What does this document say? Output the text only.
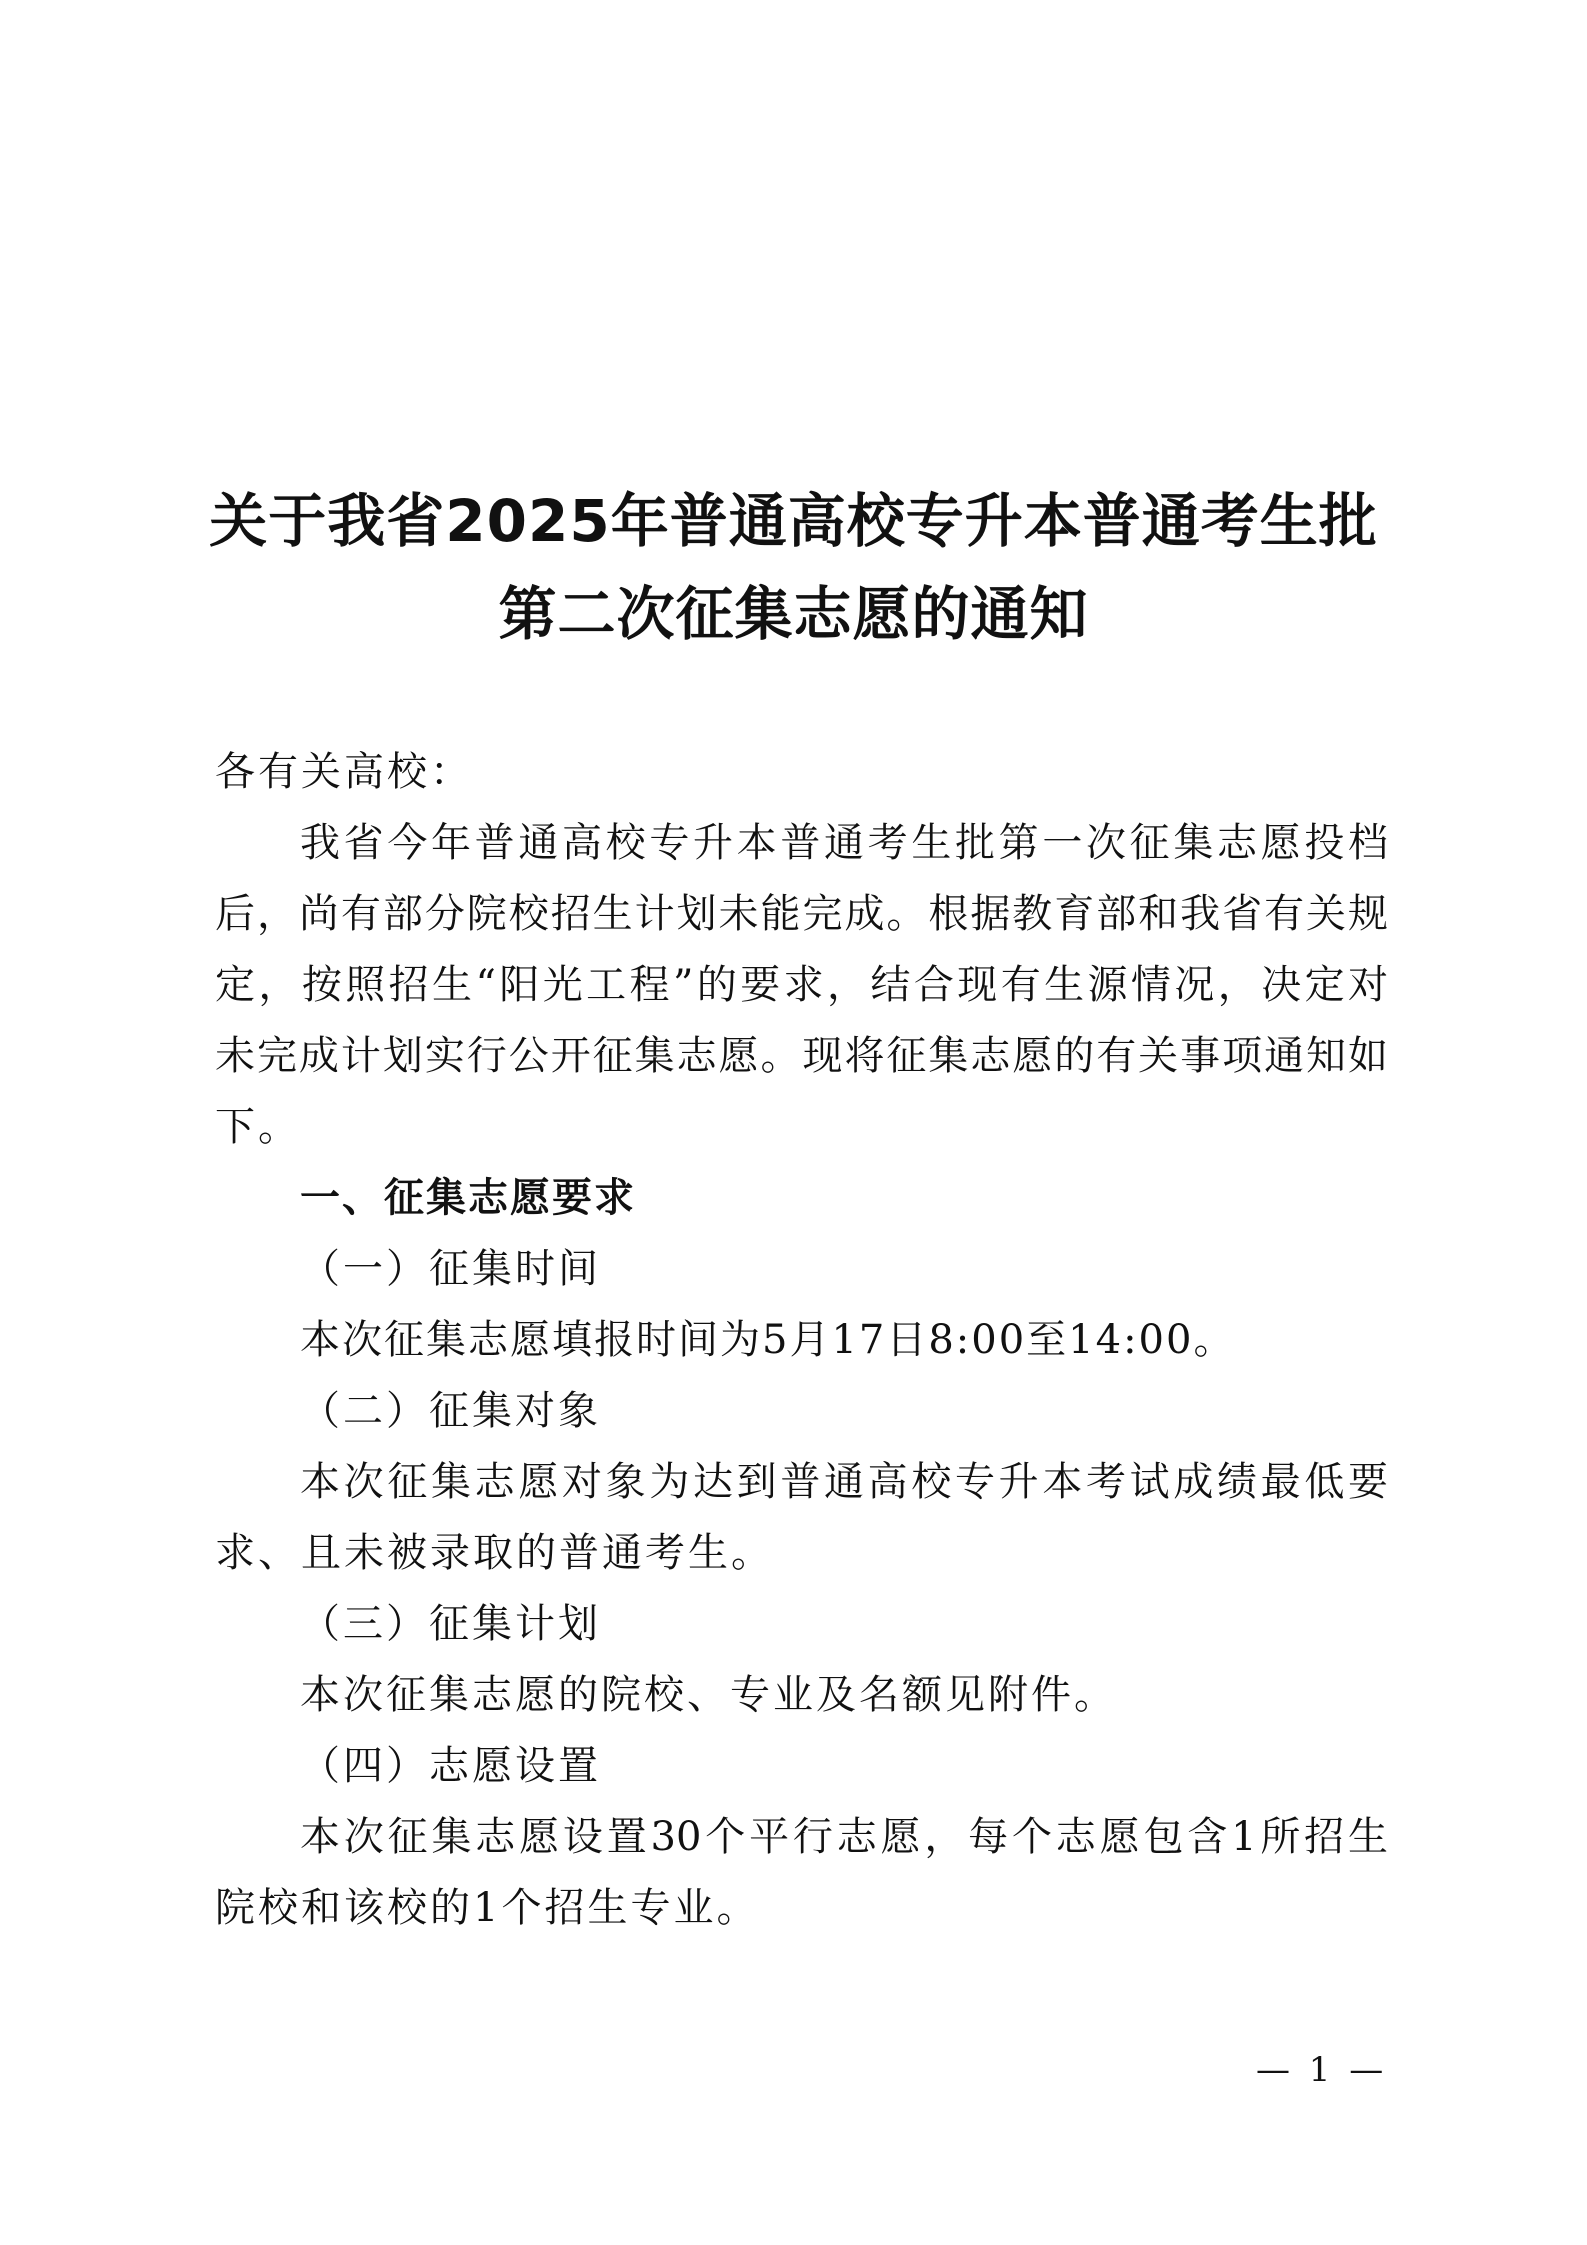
关于我省2025年普通高校专升本普通考生批
第二次征集志愿的通知
各有关高校：
我省今年普通高校专升本普通考生批第一次征集志愿投档
后，尚有部分院校招生计划未能完成。根据教育部和我省有关规
定，按照招生“阳光工程”的要求，结合现有生源情况，决定对
未完成计划实行公开征集志愿。现将征集志愿的有关事项通知如
下。
一、征集志愿要求
（一）征集时间
本次征集志愿填报时间为5月17日8:00至14:00。
（二）征集对象
本次征集志愿对象为达到普通高校专升本考试成绩最低要
求、且未被录取的普通考生。
（三）征集计划
本次征集志愿的院校、专业及名额见附件。
（四）志愿设置
本次征集志愿设置30个平行志愿，每个志愿包含1所招生
院校和该校的1个招生专业。
— 1 —
